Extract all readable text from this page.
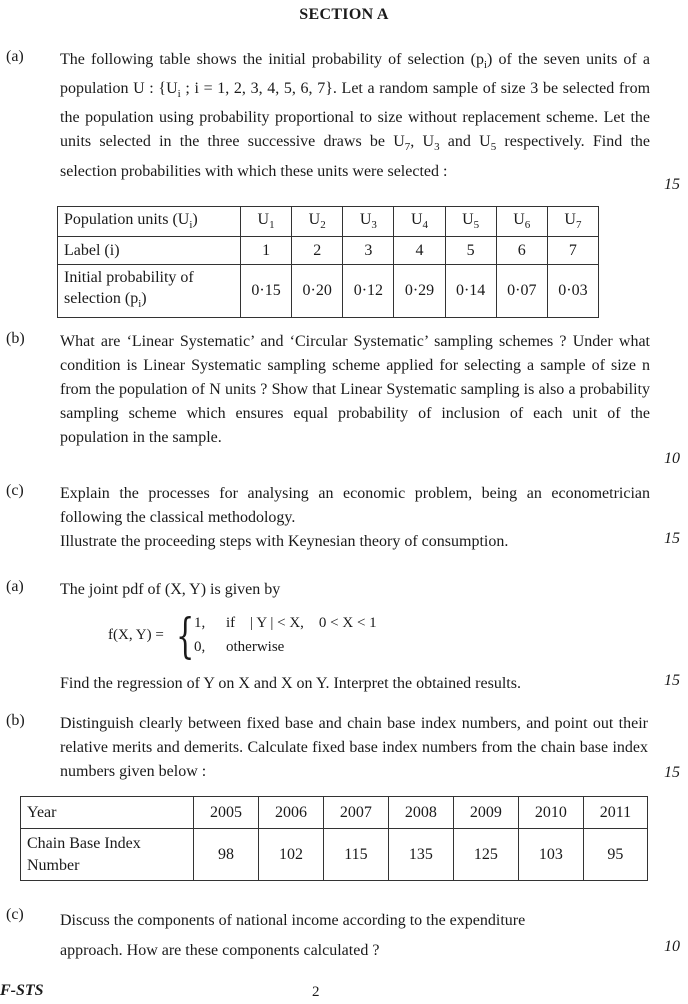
SECTION A
(a) The following table shows the initial probability of selection $(p_i)$ of the seven units of a population U : {$U_i$ ; i = 1, 2, 3, 4, 5, 6, 7}. Let a random sample of size 3 be selected from the population using probability proportional to size without replacement scheme. Let the units selected in the three successive draws be $U_7$, $U_3$ and $U_5$ respectively. Find the selection probabilities with which these units were selected :

15
Population units $(U_i)$	$U_1$	$U_2$	$U_3$	$U_4$	$U_5$	$U_6$	$U_7$
Label (i)	1	2	3	4	5	6	7
Initial probability of
selection $(p_i)$	0·15	0·20	0·12	0·29	0·14	0·07	0·03
(b) What are ‘Linear Systematic’ and ‘Circular Systematic’ sampling schemes ? Under what condition is Linear Systematic sampling scheme applied for selecting a sample of size n from the population of N units ? Show that Linear Systematic sampling is also a probability sampling scheme which ensures equal probability of inclusion of each unit of the population in the sample.

10
(c) Explain the processes for analysing an economic problem, being an econometrician following the classical methodology.

Illustrate the proceeding steps with Keynesian theory of consumption.	15
(a) The joint pdf of (X, Y) is given by
f(X, Y) = { 1, if    | Y | < X,    0 < X < 1
0, otherwise
Find the regression of Y on X and X on Y. Interpret the obtained results.	15
(b) Distinguish clearly between fixed base and chain base index numbers, and point out their relative merits and demerits. Calculate fixed base index numbers from the chain base index numbers given below :	15
Year	2005	2006	2007	2008	2009	2010	2011
Chain Base Index
Number	98	102	115	135	125	103	95
(c) Discuss the components of national income according to the expenditure

approach. How are these components calculated ?	10
F-STS	2
